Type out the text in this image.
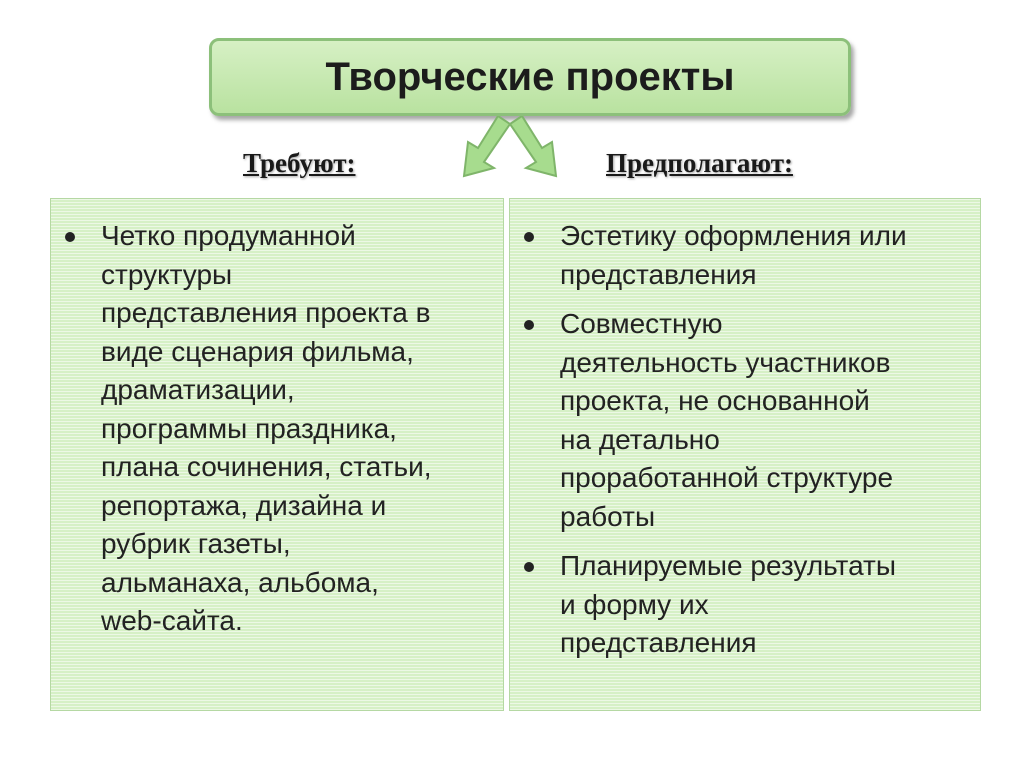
Творческие проекты
Требуют:	Предполагают:
Четко продуманной
структуры
представления проекта в
виде сценария фильма,
драматизации,
программы праздника,
плана сочинения, статьи,
репортажа, дизайна и
рубрик газеты,
альманаха, альбома,
web-сайта.
Эстетику оформления или
представления
Совместную
деятельность участников
проекта, не основанной
на детально
проработанной структуре
работы
Планируемые результаты
и форму их
представления
